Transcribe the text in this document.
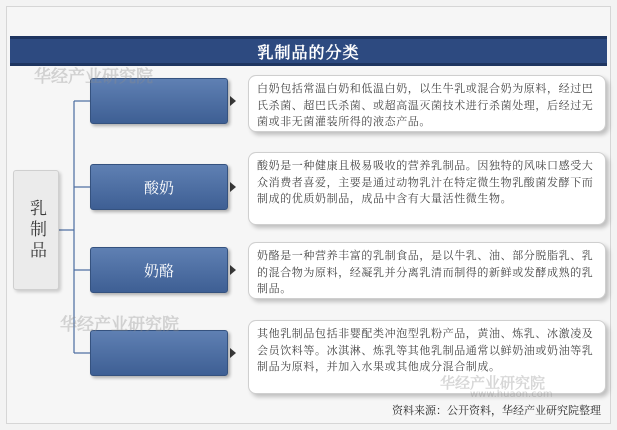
乳制品的分类
乳制品
酸奶
奶酪
白奶包括常温白奶和低温白奶，以生牛乳或混合奶为原料，经过巴氏杀菌、超巴氏杀菌、或超高温灭菌技术进行杀菌处理，后经过无菌或非无菌灌装所得的液态产品。
酸奶是一种健康且极易吸收的营养乳制品。因独特的风味口感受大众消费者喜爱，主要是通过动物乳汁在特定微生物乳酸菌发酵下而制成的优质奶制品，成品中含有大量活性微生物。
奶酪是一种营养丰富的乳制食品，是以牛乳、油、部分脱脂乳、乳的混合物为原料，经凝乳并分离乳清而制得的新鲜或发酵成熟的乳制品。
其他乳制品包括非婴配类冲泡型乳粉产品，黄油、炼乳、冰激凌及会员饮料等。冰淇淋、炼乳等其他乳制品通常以鲜奶油或奶油等乳制品为原料，并加入水果或其他成分混合制成。
华经产业研究院
华经产业研究院
华经产业研究院
www.huaon.com
资料来源：公开资料，华经产业研究院整理
